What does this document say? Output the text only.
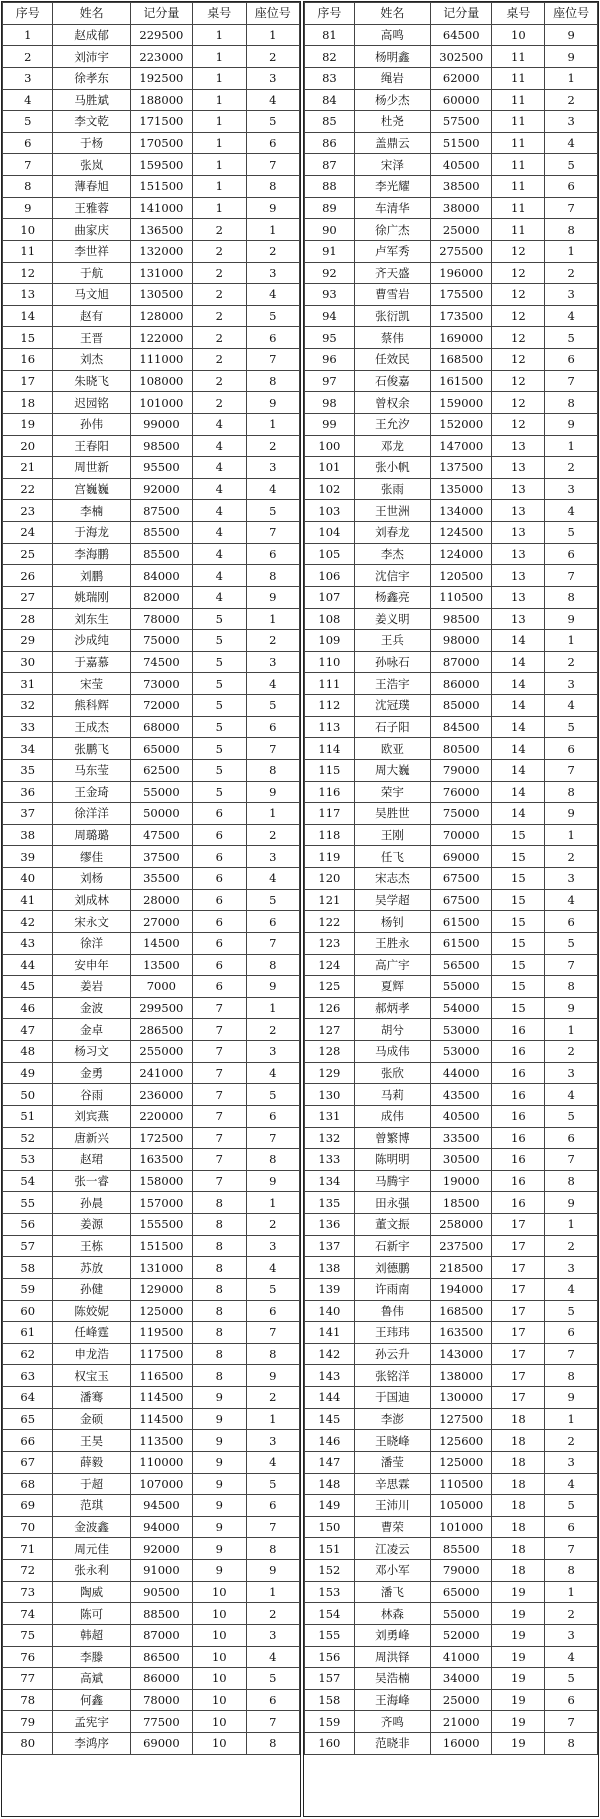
序号	姓名	记分量	桌号	座位号
1	赵成郁	229500	1	1
2	刘沛宇	223000	1	2
3	徐孝东	192500	1	3
4	马胜斌	188000	1	4
5	李文乾	171500	1	5
6	于杨	170500	1	6
7	张岚	159500	1	7
8	薄春旭	151500	1	8
9	王雅蓉	141000	1	9
10	曲家庆	136500	2	1
11	李世祥	132000	2	2
12	于航	131000	2	3
13	马文旭	130500	2	4
14	赵有	128000	2	5
15	王晋	122000	2	6
16	刘杰	111000	2	7
17	朱晓飞	108000	2	8
18	迟园铭	101000	2	9
19	孙伟	99000	4	1
20	王春阳	98500	4	2
21	周世新	95500	4	3
22	宫巍巍	92000	4	4
23	李楠	87500	4	5
24	于海龙	85500	4	7
25	李海鹏	85500	4	6
26	刘鹏	84000	4	8
27	姚瑞刚	82000	4	9
28	刘东生	78000	5	1
29	沙成纯	75000	5	2
30	于嘉慕	74500	5	3
31	宋莹	73000	5	4
32	熊科辉	72000	5	5
33	王成杰	68000	5	6
34	张鹏飞	65000	5	7
35	马东莹	62500	5	8
36	王金琦	55000	5	9
37	徐洋洋	50000	6	1
38	周璐璐	47500	6	2
39	缪佳	37500	6	3
40	刘杨	35500	6	4
41	刘成林	28000	6	5
42	宋永文	27000	6	6
43	徐洋	14500	6	7
44	安申年	13500	6	8
45	姜岩	7000	6	9
46	金波	299500	7	1
47	金卓	286500	7	2
48	杨习文	255000	7	3
49	金勇	241000	7	4
50	谷雨	236000	7	5
51	刘宾燕	220000	7	6
52	唐新兴	172500	7	7
53	赵珺	163500	7	8
54	张一睿	158000	7	9
55	孙晨	157000	8	1
56	姜源	155500	8	2
57	王栋	151500	8	3
58	苏放	131000	8	4
59	孙健	129000	8	5
60	陈姣妮	125000	8	6
61	任峰霆	119500	8	7
62	申龙浩	117500	8	8
63	权宝玉	116500	8	9
64	潘骞	114500	9	2
65	金硕	114500	9	1
66	王昊	113500	9	3
67	薛毅	110000	9	4
68	于超	107000	9	5
69	范琪	94500	9	6
70	金波鑫	94000	9	7
71	周元佳	92000	9	8
72	张永利	91000	9	9
73	陶威	90500	10	1
74	陈可	88500	10	2
75	韩超	87000	10	3
76	李滕	86500	10	4
77	高斌	86000	10	5
78	何鑫	78000	10	6
79	孟宪宇	77500	10	7
80	李鸿序	69000	10	8
序号	姓名	记分量	桌号	座位号
81	高鸣	64500	10	9
82	杨明鑫	302500	11	9
83	绳岩	62000	11	1
84	杨少杰	60000	11	2
85	杜尧	57500	11	3
86	盖鼎云	51500	11	4
87	宋泽	40500	11	5
88	李光耀	38500	11	6
89	车清华	38000	11	7
90	徐广杰	25000	11	8
91	卢军秀	275500	12	1
92	齐天盛	196000	12	2
93	曹雪岩	175500	12	3
94	张衍凯	173500	12	4
95	蔡伟	169000	12	5
96	任效民	168500	12	6
97	石俊嘉	161500	12	7
98	曾权余	159000	12	8
99	王允汐	152000	12	9
100	邓龙	147000	13	1
101	张小帆	137500	13	2
102	张雨	135000	13	3
103	王世洲	134000	13	4
104	刘春龙	124500	13	5
105	李杰	124000	13	6
106	沈信宇	120500	13	7
107	杨鑫亮	110500	13	8
108	姜义明	98500	13	9
109	王兵	98000	14	1
110	孙咏石	87000	14	2
111	王浩宇	86000	14	3
112	沈冠璞	85000	14	4
113	石子阳	84500	14	5
114	欧亚	80500	14	6
115	周大巍	79000	14	7
116	荣宇	76000	14	8
117	吴胜世	75000	14	9
118	王刚	70000	15	1
119	任飞	69000	15	2
120	宋志杰	67500	15	3
121	吴学超	67500	15	4
122	杨钊	61500	15	6
123	王胜永	61500	15	5
124	高广宇	56500	15	7
125	夏辉	55000	15	8
126	郝炳孝	54000	15	9
127	胡兮	53000	16	1
128	马成伟	53000	16	2
129	张欣	44000	16	3
130	马莉	43500	16	4
131	成伟	40500	16	5
132	曾繁博	33500	16	6
133	陈明明	30500	16	7
134	马腾宇	19000	16	8
135	田永强	18500	16	9
136	董文振	258000	17	1
137	石新宇	237500	17	2
138	刘德鹏	218500	17	3
139	许雨南	194000	17	4
140	鲁伟	168500	17	5
141	王玮玮	163500	17	6
142	孙云升	143000	17	7
143	张铭洋	138000	17	8
144	于国迪	130000	17	9
145	李澎	127500	18	1
146	王晓峰	125600	18	2
147	潘莹	125000	18	3
148	辛思霖	110500	18	4
149	王沛川	105000	18	5
150	曹荣	101000	18	6
151	江凌云	85500	18	7
152	邓小军	79000	18	8
153	潘飞	65000	19	1
154	林森	55000	19	2
155	刘勇峰	52000	19	3
156	周洪铎	41000	19	4
157	吴浩楠	34000	19	5
158	王海峰	25000	19	6
159	齐鸣	21000	19	7
160	范晓非	16000	19	8
